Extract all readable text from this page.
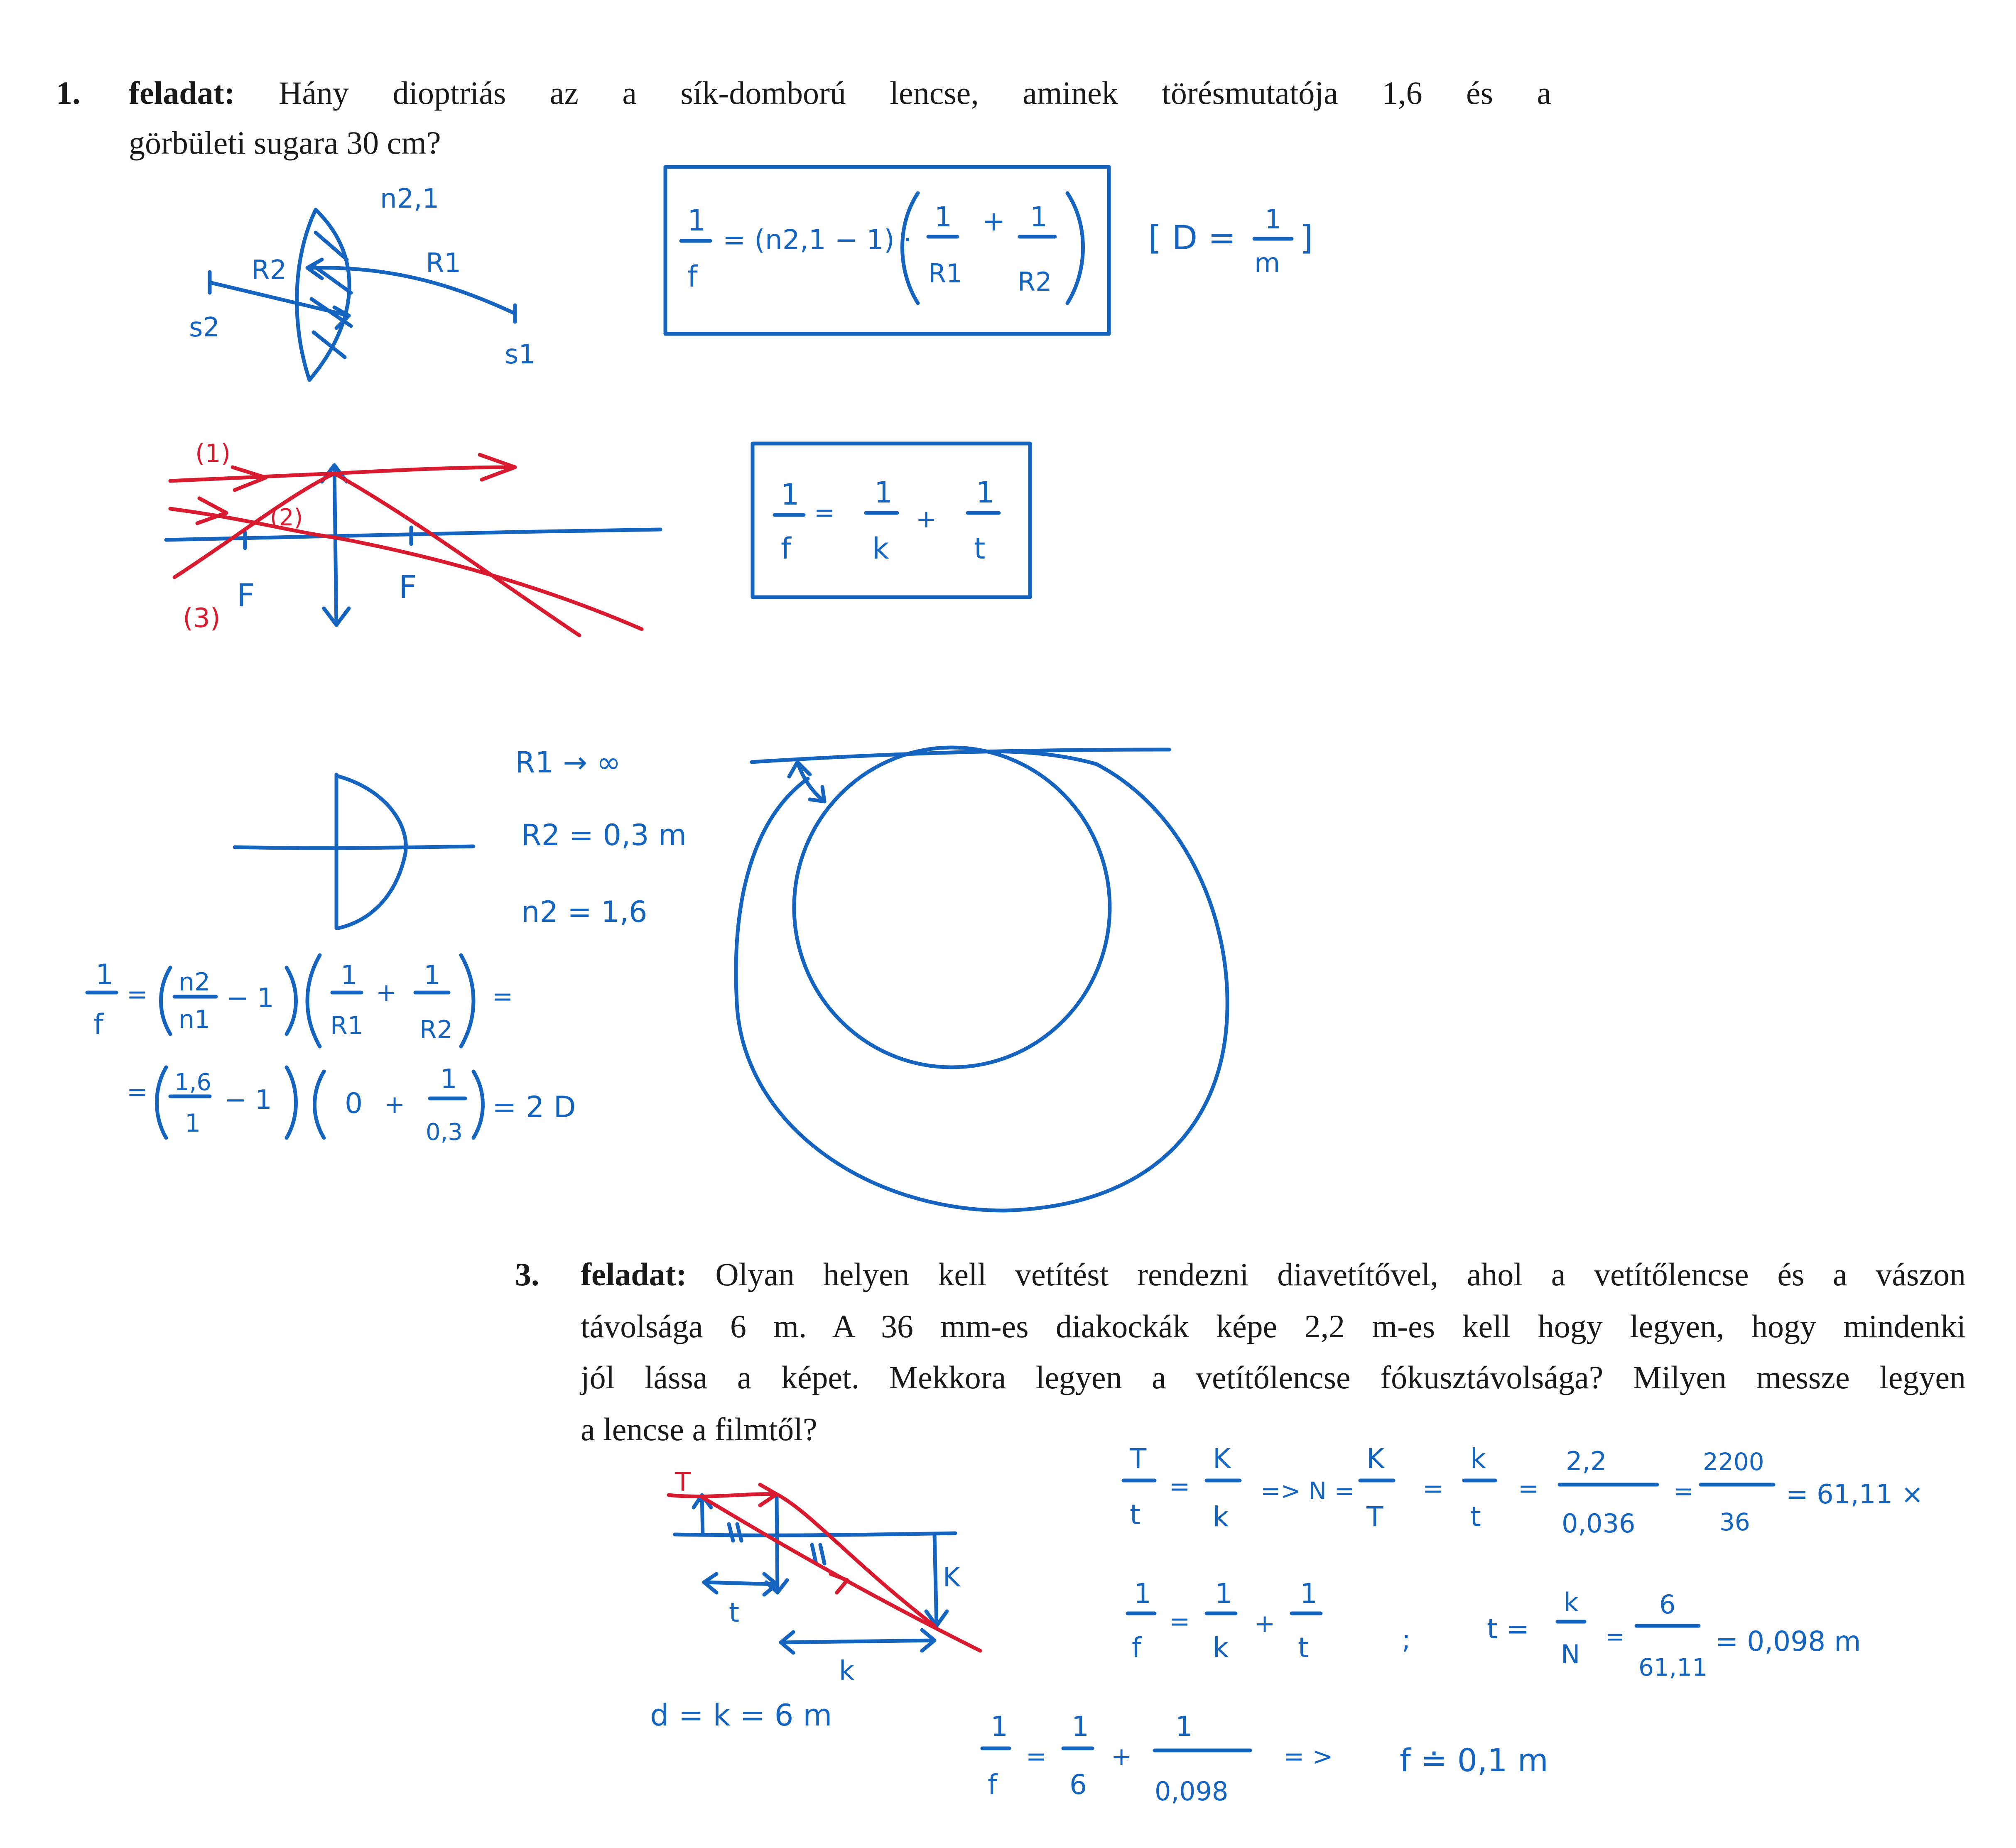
1. feladat: Hány dioptriás az a sík-domború lencse, aminek törésmutatója 1,6 és a
görbületi sugara 30 cm?
3. feladat: Olyan helyen kell vetítést rendezni diavetítővel, ahol a vetítőlencse és a vászon
távolsága 6 m. A 36 mm-es diakockák képe 2,2 m-es kell hogy legyen, hogy mindenki
jól lássa a képet. Mekkora legyen a vetítőlencse fókusztávolsága? Milyen messze legyen
a lencse a filmtől?
n2,1
R2	R1
s2
s1
1
f
= (n2,1 − 1) ·
1
R1
+ 1
R2
[ D = 1
m
]
F	F
(1)
(2)
(3)
1
f
=
1
k
+
1
t
R1 → ∞
R2 = 0,3 m
n2 = 1,6
1
f
= n2
n1
− 1
1
R1
+
1
R2
=
= 1,6
1
− 1	0 +
1
0,3
= 2 D
T
t
K
k
d = k = 6 m
T
t
=
K
k
=> N =
K
T
=
k
t
=
2,2
0,036
=
2200
36
= 61,11 ×
1
f
=
1
k
+
1
t	;	t =
k
N
=
6
61,11
= 0,098 m
1
f
=
1
6
+
1
0,098
= > f ≐ 0,1 m
